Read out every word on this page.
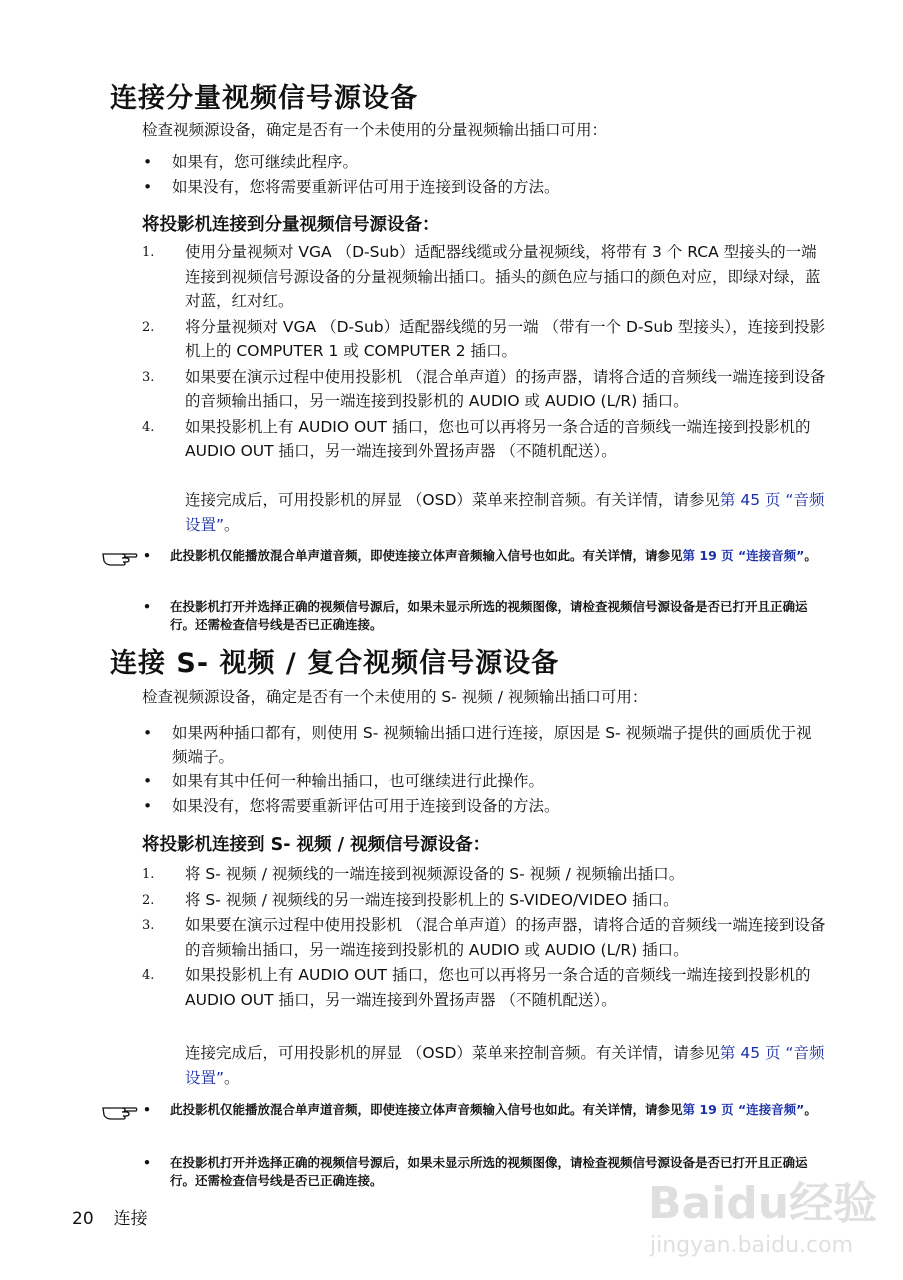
连接分量视频信号源设备

检查视频源设备，确定是否有一个未使用的分量视频输出插口可用：

• 如果有，您可继续此程序。
• 如果没有，您将需要重新评估可用于连接到设备的方法。
将投影机连接到分量视频信号源设备：
1. 使用分量视频对 VGA （D-Sub）适配器线缆或分量视频线，将带有 3 个 RCA 型接头的一端连接到视频信号源设备的分量视频输出插口。插头的颜色应与插口的颜色对应，即绿对绿，蓝对蓝，红对红。
2. 将分量视频对 VGA （D-Sub）适配器线缆的另一端 （带有一个 D-Sub 型接头），连接到投影机上的 COMPUTER 1 或 COMPUTER 2 插口。
3. 如果要在演示过程中使用投影机 （混合单声道）的扬声器，请将合适的音频线一端连接到设备的音频输出插口，另一端连接到投影机的 AUDIO 或 AUDIO (L/R) 插口。
4. 如果投影机上有 AUDIO OUT 插口，您也可以再将另一条合适的音频线一端连接到投影机的 AUDIO OUT 插口，另一端连接到外置扬声器 （不随机配送）。

连接完成后，可用投影机的屏显 （OSD）菜单来控制音频。有关详情，请参见第 45 页 “音频设置”。

• 此投影机仅能播放混合单声道音频，即使连接立体声音频输入信号也如此。有关详情，请参见第 19 页 “连接音频”。
• 在投影机打开并选择正确的视频信号源后，如果未显示所选的视频图像，请检查视频信号源设备是否已打开且正确运行。还需检查信号线是否已正确连接。
连接 S- 视频 / 复合视频信号源设备

检查视频源设备，确定是否有一个未使用的 S- 视频 / 视频输出插口可用：

• 如果两种插口都有，则使用 S- 视频输出插口进行连接，原因是 S- 视频端子提供的画质优于视频端子。
• 如果有其中任何一种输出插口，也可继续进行此操作。
• 如果没有，您将需要重新评估可用于连接到设备的方法。
将投影机连接到 S- 视频 / 视频信号源设备：
1. 将 S- 视频 / 视频线的一端连接到视频源设备的 S- 视频 / 视频输出插口。
2. 将 S- 视频 / 视频线的另一端连接到投影机上的 S-VIDEO/VIDEO 插口。
3. 如果要在演示过程中使用投影机 （混合单声道）的扬声器，请将合适的音频线一端连接到设备的音频输出插口，另一端连接到投影机的 AUDIO 或 AUDIO (L/R) 插口。
4. 如果投影机上有 AUDIO OUT 插口，您也可以再将另一条合适的音频线一端连接到投影机的 AUDIO OUT 插口，另一端连接到外置扬声器 （不随机配送）。

连接完成后，可用投影机的屏显 （OSD）菜单来控制音频。有关详情，请参见第 45 页 “音频设置”。

• 此投影机仅能播放混合单声道音频，即使连接立体声音频输入信号也如此。有关详情，请参见第 19 页 “连接音频”。
• 在投影机打开并选择正确的视频信号源后，如果未显示所选的视频图像，请检查视频信号源设备是否已打开且正确运行。还需检查信号线是否已正确连接。
20 连接	Baidu经验
jingyan.baidu.com
